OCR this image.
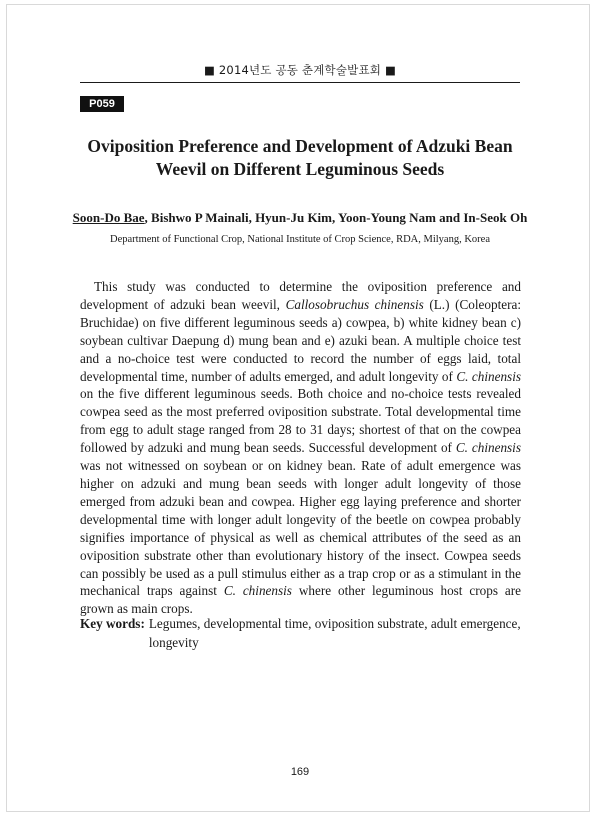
■ 2014년도 공동 춘계학술발표회 ■
P059
Oviposition Preference and Development of Adzuki Bean
Weevil on Different Leguminous Seeds
Soon-Do Bae, Bishwo P Mainali, Hyun-Ju Kim, Yoon-Young Nam and In-Seok Oh
Department of Functional Crop, National Institute of Crop Science, RDA, Milyang, Korea

This study was conducted to determine the oviposition preference and development of adzuki bean weevil, Callosobruchus chinensis (L.) (Coleoptera: Bruchidae) on five different leguminous seeds a) cowpea, b) white kidney bean c) soybean cultivar Daepung d) mung bean and e) azuki bean. A multiple choice test and a no-choice test were conducted to record the number of eggs laid, total developmental time, number of adults emerged, and adult longevity of C. chinensis on the five different leguminous seeds. Both choice and no-choice tests revealed cowpea seed as the most preferred oviposition substrate. Total developmental time from egg to adult stage ranged from 28 to 31 days; shortest of that on the cowpea followed by adzuki and mung bean seeds. Successful development of C. chinensis was not witnessed on soybean or on kidney bean. Rate of adult emergence was higher on adzuki and mung bean seeds with longer adult longevity of those emerged from adzuki bean and cowpea. Higher egg laying preference and shorter developmental time with longer adult longevity of the beetle on cowpea probably signifies importance of physical as well as chemical attributes of the seed as an oviposition substrate other than evolutionary history of the insect. Cowpea seeds can possibly be used as a pull stimulus either as a trap crop or as a stimulant in the mechanical traps against C. chinensis where other leguminous host crops are grown as main crops.

Key words: Legumes, developmental time, oviposition substrate, adult emergence, longevity
169
